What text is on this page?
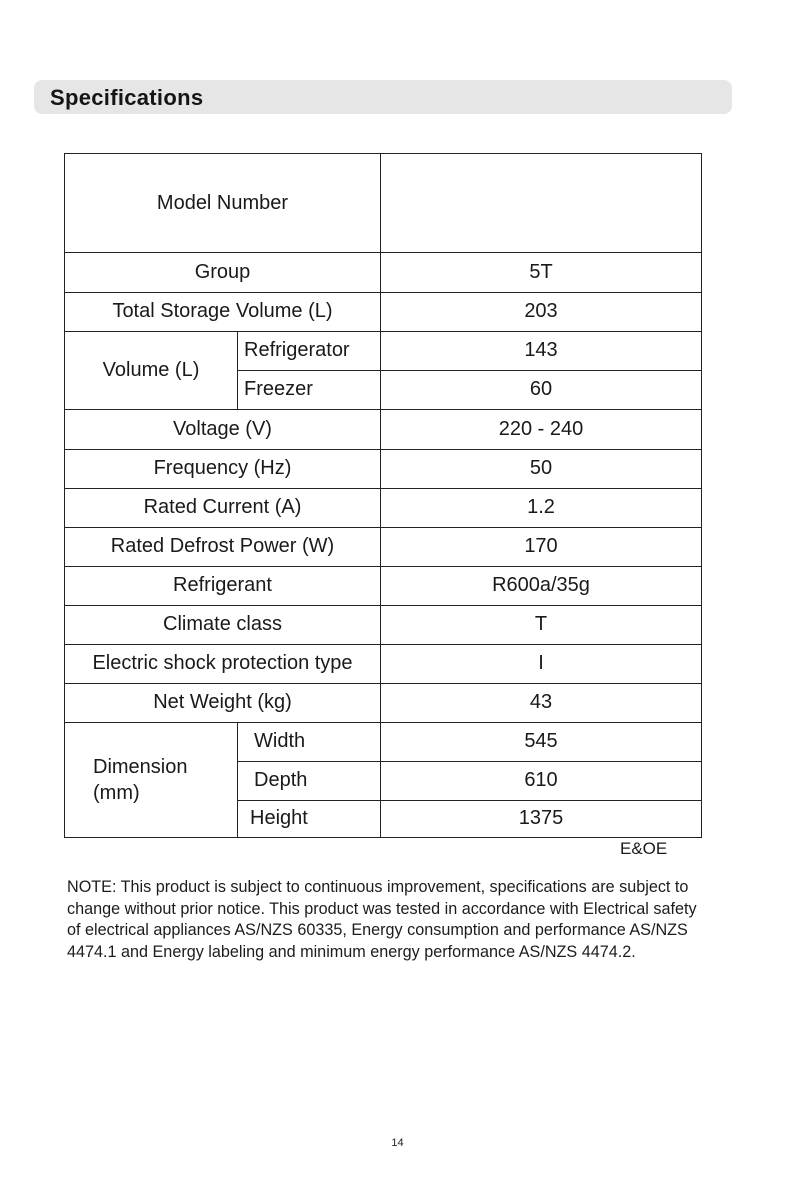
Specifications
Model Number
Group	5T
Total Storage Volume (L)	203
Volume (L)
Refrigerator	143
Freezer	60
Voltage (V)	220 - 240
Frequency (Hz)	50
Rated Current (A)	1.2
Rated Defrost Power (W)	170
Refrigerant	R600a/35g
Climate class	T
Electric shock protection type	I
Net Weight (kg)	43
Dimension
(mm)
Width	545
Depth	610
Height	1375
E&OE
NOTE: This product is subject to continuous improvement, specifications are subject to change without prior notice. This product was tested in accordance with Electrical safety of electrical appliances AS/NZS 60335, Energy consumption and performance AS/NZS 4474.1 and Energy labeling and minimum energy performance AS/NZS 4474.2.
14
